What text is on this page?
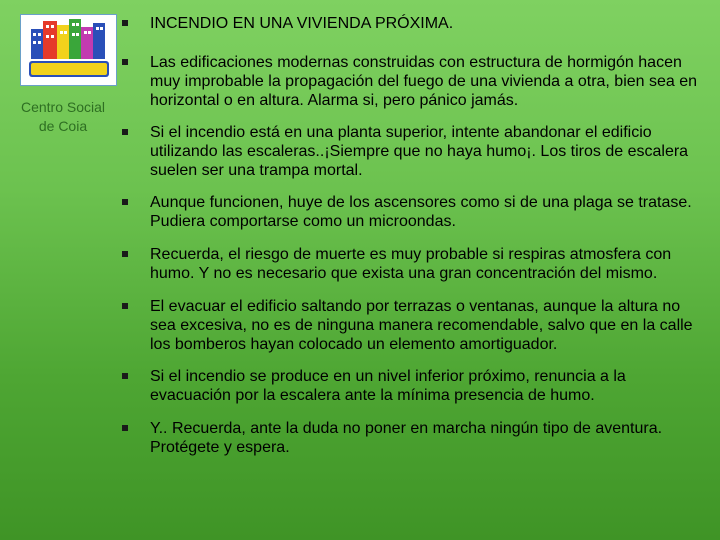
Centro Social
de Coia
INCENDIO EN UNA VIVIENDA PRÓXIMA.
Las edificaciones modernas construidas con estructura de hormigón hacen muy improbable la propagación del fuego de una vivienda a otra, bien sea en horizontal o en altura. Alarma si, pero pánico jamás.
Si el incendio está en una planta superior, intente abandonar el edificio utilizando las escaleras..¡Siempre que no haya humo¡. Los tiros de escalera suelen ser una trampa mortal.
Aunque funcionen, huye de los ascensores como si de una plaga se tratase. Pudiera comportarse como un microondas.
Recuerda, el riesgo de muerte es muy probable si respiras atmosfera con humo. Y no es necesario que exista una gran concentración del mismo.
El evacuar el edificio saltando por terrazas o ventanas, aunque la altura no sea excesiva, no es de ninguna manera recomendable, salvo que en la calle los bomberos hayan colocado un elemento amortiguador.
Si el incendio se produce en un nivel inferior próximo, renuncia a la evacuación por la escalera ante la mínima presencia de humo.
Y.. Recuerda, ante la duda no poner en marcha ningún tipo de aventura. Protégete y espera.
